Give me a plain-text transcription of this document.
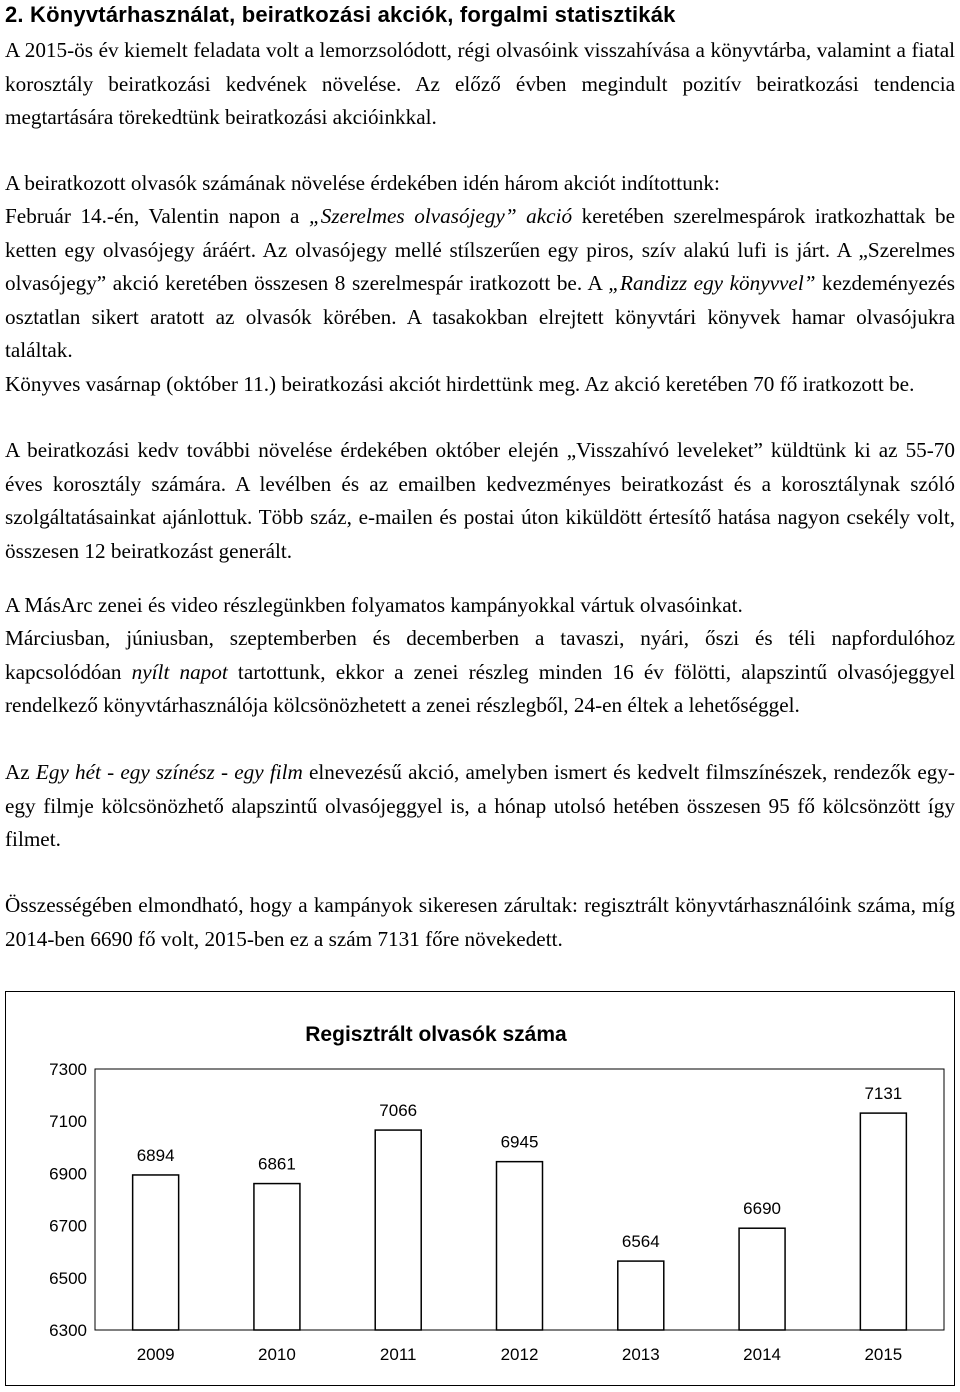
2. Könyvtárhasználat, beiratkozási akciók, forgalmi statisztikák

A 2015-ös év kiemelt feladata volt a lemorzsolódott, régi olvasóink visszahívása a könyvtárba, valamint a fiatal korosztály beiratkozási kedvének növelése. Az előző évben megindult pozitív beiratkozási tendencia megtartására törekedtünk beiratkozási akcióinkkal.

A beiratkozott olvasók számának növelése érdekében idén három akciót indítottunk:

Február 14.-én, Valentin napon a „Szerelmes olvasójegy” akció keretében szerelmespárok iratkozhattak be ketten egy olvasójegy áráért. Az olvasójegy mellé stílszerűen egy piros, szív alakú lufi is járt. A „Szerelmes olvasójegy” akció keretében összesen 8 szerelmespár iratkozott be. A „Randizz egy könyvvel” kezdeményezés osztatlan sikert aratott az olvasók körében. A tasakokban elrejtett könyvtári könyvek hamar olvasójukra találtak.

Könyves vasárnap (október 11.) beiratkozási akciót hirdettünk meg. Az akció keretében 70 fő iratkozott be.

A beiratkozási kedv további növelése érdekében október elején „Visszahívó leveleket” küldtünk ki az 55-70 éves korosztály számára. A levélben és az emailben kedvezményes beiratkozást és a korosztálynak szóló szolgáltatásainkat ajánlottuk. Több száz, e-mailen és postai úton kiküldött értesítő hatása nagyon csekély volt, összesen 12 beiratkozást generált.

A MásArc zenei és video részlegünkben folyamatos kampányokkal vártuk olvasóinkat.

Márciusban, júniusban, szeptemberben és decemberben a tavaszi, nyári, őszi és téli napfordulóhoz kapcsolódóan nyílt napot tartottunk, ekkor a zenei részleg minden 16 év fölötti, alapszintű olvasójeggyel rendelkező könyvtárhasználója kölcsönözhetett a zenei részlegből, 24-en éltek a lehetőséggel.

Az Egy hét - egy színész - egy film elnevezésű akció, amelyben ismert és kedvelt filmszínészek, rendezők egy-egy filmje kölcsönözhető alapszintű olvasójeggyel is, a hónap utolsó hetében összesen 95 fő kölcsönzött így filmet.

Összességében elmondható, hogy a kampányok sikeresen zárultak: regisztrált könyvtárhasználóink száma, míg 2014-ben 6690 fő volt, 2015-ben ez a szám 7131 főre növekedett.

Regisztrált olvasók száma
7300
7100
6900
6700
6500
6300
6894	6861
7066
6945
6564
6690
7131
2009	2010	2011	2012	2013	2014	2015
